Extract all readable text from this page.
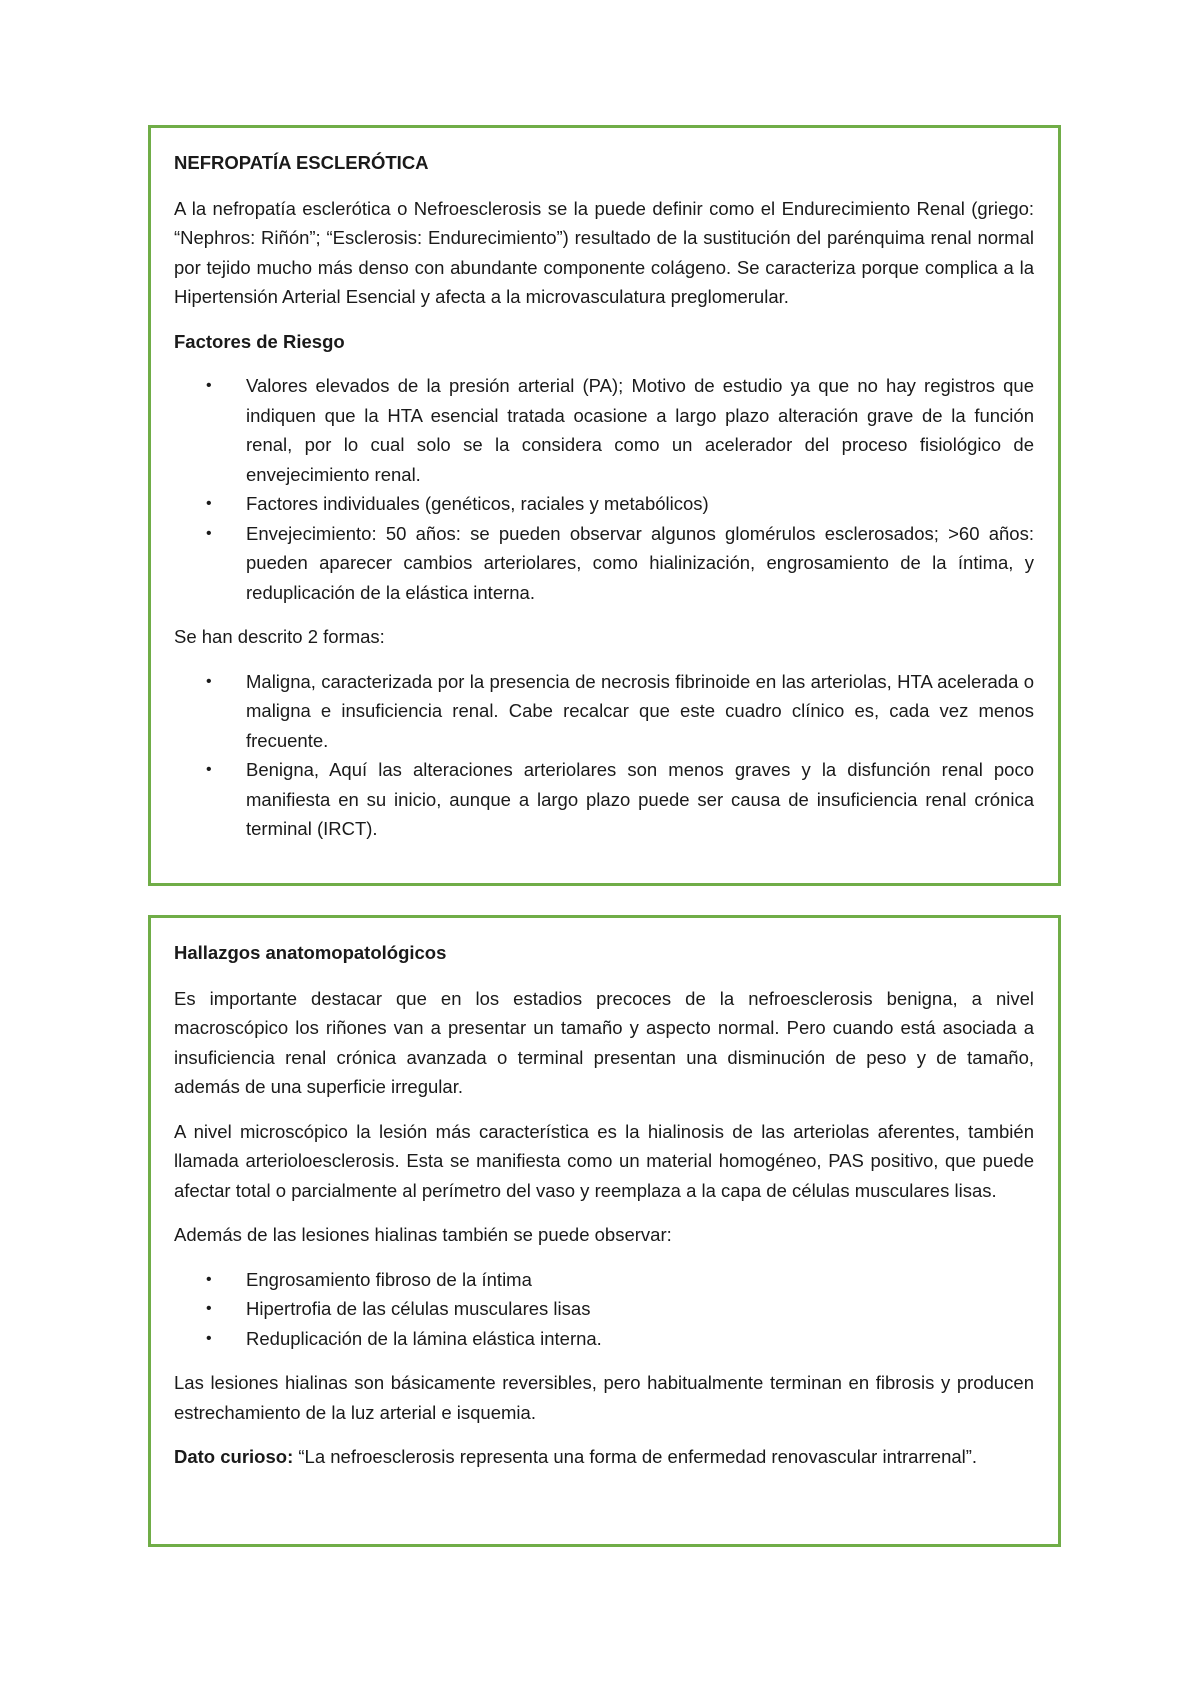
NEFROPATÍA ESCLERÓTICA

A la nefropatía esclerótica o Nefroesclerosis se la puede definir como el Endurecimiento Renal (griego: “Nephros: Riñón”; “Esclerosis: Endurecimiento”) resultado de la sustitución del parénquima renal normal por tejido mucho más denso con abundante componente colágeno. Se caracteriza porque complica a la Hipertensión Arterial Esencial y afecta a la microvasculatura preglomerular.

Factores de Riesgo
• Valores elevados de la presión arterial (PA); Motivo de estudio ya que no hay registros que indiquen que la HTA esencial tratada ocasione a largo plazo alteración grave de la función renal, por lo cual solo se la considera como un acelerador del proceso fisiológico de envejecimiento renal.
• Factores individuales (genéticos, raciales y metabólicos)
• Envejecimiento: 50 años: se pueden observar algunos glomérulos esclerosados; >60 años: pueden aparecer cambios arteriolares, como hialinización, engrosamiento de la íntima, y reduplicación de la elástica interna.

Se han descrito 2 formas:

• Maligna, caracterizada por la presencia de necrosis fibrinoide en las arteriolas, HTA acelerada o maligna e insuficiencia renal. Cabe recalcar que este cuadro clínico es, cada vez menos frecuente.
• Benigna, Aquí las alteraciones arteriolares son menos graves y la disfunción renal poco manifiesta en su inicio, aunque a largo plazo puede ser causa de insuficiencia renal crónica terminal (IRCT).
Hallazgos anatomopatológicos

Es importante destacar que en los estadios precoces de la nefroesclerosis benigna, a nivel macroscópico los riñones van a presentar un tamaño y aspecto normal. Pero cuando está asociada a insuficiencia renal crónica avanzada o terminal presentan una disminución de peso y de tamaño, además de una superficie irregular.

A nivel microscópico la lesión más característica es la hialinosis de las arteriolas aferentes, también llamada arterioloesclerosis. Esta se manifiesta como un material homogéneo, PAS positivo, que puede afectar total o parcialmente al perímetro del vaso y reemplaza a la capa de células musculares lisas.

Además de las lesiones hialinas también se puede observar:

• Engrosamiento fibroso de la íntima
• Hipertrofia de las células musculares lisas
• Reduplicación de la lámina elástica interna.

Las lesiones hialinas son básicamente reversibles, pero habitualmente terminan en fibrosis y producen estrechamiento de la luz arterial e isquemia.

Dato curioso: “La nefroesclerosis representa una forma de enfermedad renovascular intrarrenal”.
